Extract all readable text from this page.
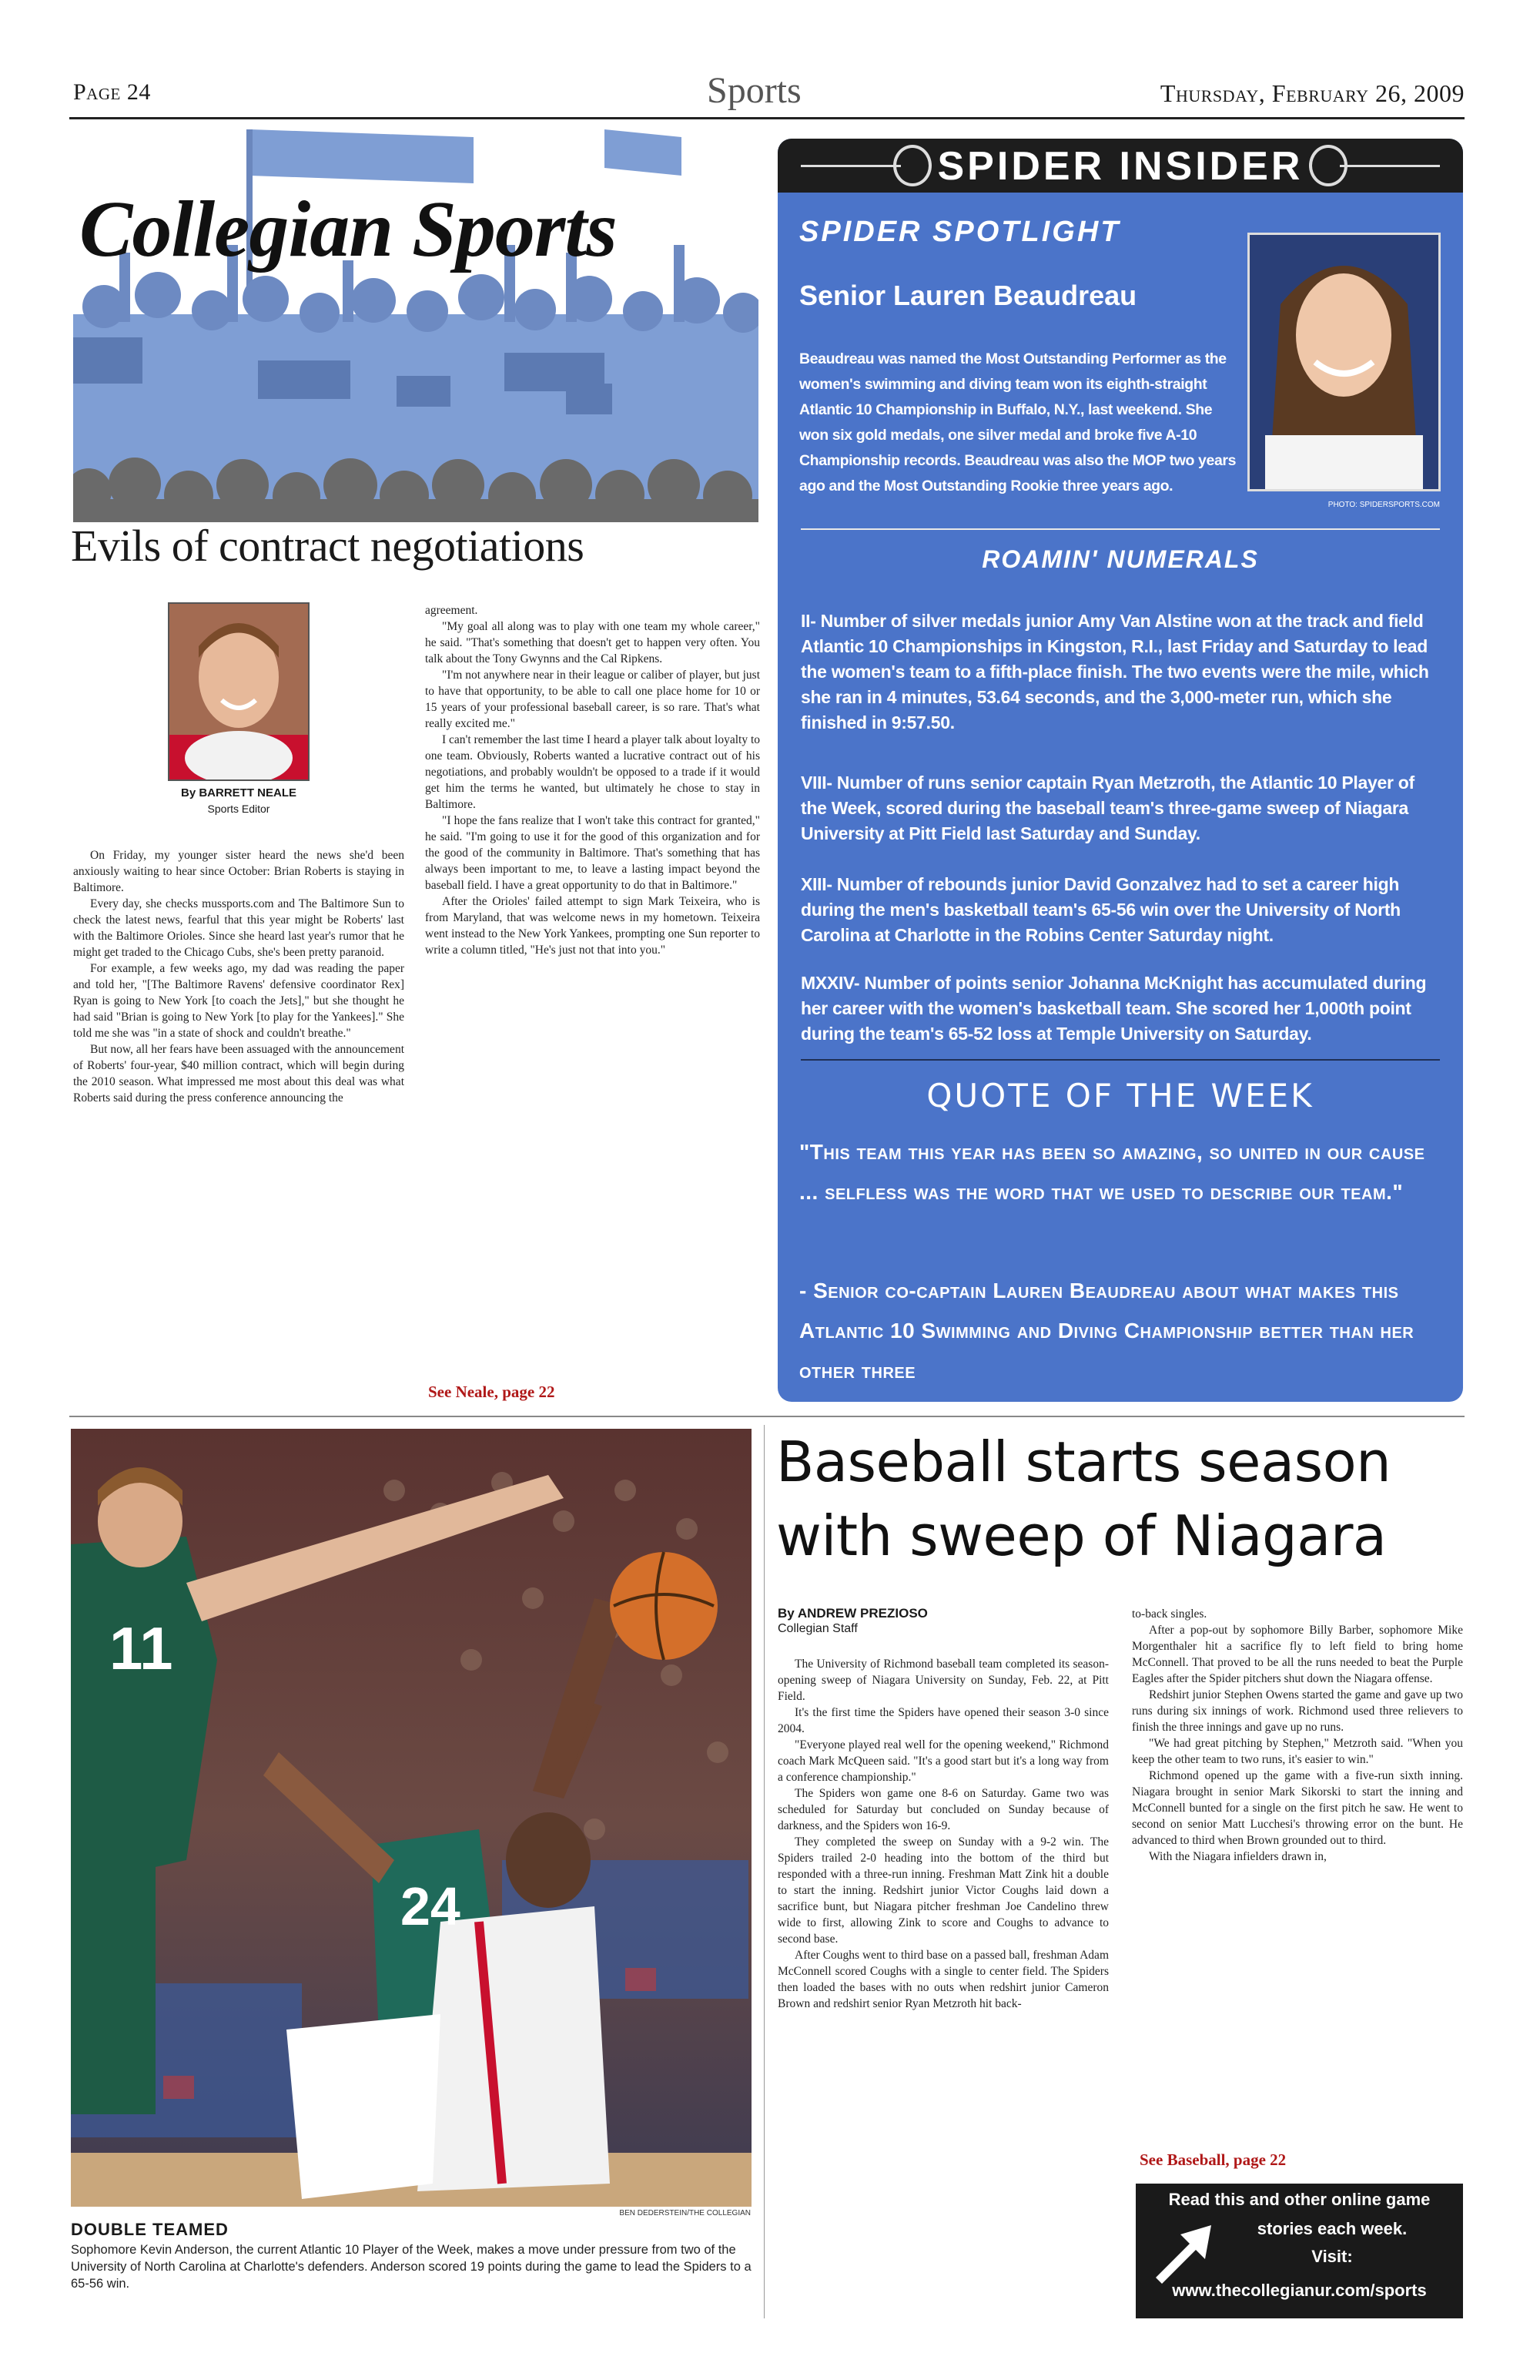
Page 24	Sports	Thursday, February 26, 2009
Collegian Sports
Evils of contract negotiations
By BARRETT NEALE
Sports Editor

On Friday, my younger sister heard the news she'd been anxiously waiting to hear since October: Brian Roberts is staying in Baltimore.

Every day, she checks mussports.com and The Baltimore Sun to check the latest news, fearful that this year might be Roberts' last with the Baltimore Orioles. Since she heard last year's rumor that he might get traded to the Chicago Cubs, she's been pretty paranoid.

For example, a few weeks ago, my dad was reading the paper and told her, "[The Baltimore Ravens' defensive coordinator Rex] Ryan is going to New York [to coach the Jets]," but she thought he had said "Brian is going to New York [to play for the Yankees]." She told me she was "in a state of shock and couldn't breathe."

But now, all her fears have been assuaged with the announcement of Roberts' four-year, $40 million contract, which will begin during the 2010 season. What impressed me most about this deal was what Roberts said during the press conference announcing the

agreement.

"My goal all along was to play with one team my whole career," he said. "That's something that doesn't get to happen very often. You talk about the Tony Gwynns and the Cal Ripkens.

"I'm not anywhere near in their league or caliber of player, but just to have that opportunity, to be able to call one place home for 10 or 15 years of your professional baseball career, is so rare. That's what really excited me."

I can't remember the last time I heard a player talk about loyalty to one team. Obviously, Roberts wanted a lucrative contract out of his negotiations, and probably wouldn't be opposed to a trade if it would get him the terms he wanted, but ultimately he chose to stay in Baltimore.

"I hope the fans realize that I won't take this contract for granted," he said. "I'm going to use it for the good of this organization and for the good of the community in Baltimore. That's something that has always been important to me, to leave a lasting impact beyond the baseball field. I have a great opportunity to do that in Baltimore."

After the Orioles' failed attempt to sign Mark Teixeira, who is from Maryland, that was welcome news in my hometown. Teixeira went instead to the New York Yankees, prompting one Sun reporter to write a column titled, "He's just not that into you."

See Neale, page 22
SPIDER INSIDER
SPIDER SPOTLIGHT
Senior Lauren Beaudreau
Beaudreau was named the Most Outstanding Performer as the women's swimming and diving team won its eighth-straight Atlantic 10 Championship in Buffalo, N.Y., last weekend. She won six gold medals, one silver medal and broke five A-10 Championship records. Beaudreau was also the MOP two years ago and the Most Outstanding Rookie three years ago.
PHOTO: SPIDERSPORTS.COM
ROAMIN' NUMERALS
II- Number of silver medals junior Amy Van Alstine won at the track and field Atlantic 10 Championships in Kingston, R.I., last Friday and Saturday to lead the women's team to a fifth-place finish. The two events were the mile, which she ran in 4 minutes, 53.64 seconds, and the 3,000-meter run, which she finished in 9:57.50.
VIII- Number of runs senior captain Ryan Metzroth, the Atlantic 10 Player of the Week, scored during the baseball team's three-game sweep of Niagara University at Pitt Field last Saturday and Sunday.
XIII- Number of rebounds junior David Gonzalvez had to set a career high during the men's basketball team's 65-56 win over the University of North Carolina at Charlotte in the Robins Center Saturday night.
MXXIV- Number of points senior Johanna McKnight has accumulated during her career with the women's basketball team. She scored her 1,000th point during the team's 65-52 loss at Temple University on Saturday.
QUOTE OF THE WEEK
"This team this year has been so amazing, so united in our cause ... selfless was the word that we used to describe our team."
- Senior co-captain Lauren Beaudreau about what makes this Atlantic 10 Swimming and Diving Championship better than her other three
11
24
BEN DEDERSTEIN/THE COLLEGIAN
DOUBLE TEAMED
Sophomore Kevin Anderson, the current Atlantic 10 Player of the Week, makes a move under pressure from two of the University of North Carolina at Charlotte's defenders. Anderson scored 19 points during the game to lead the Spiders to a 65-56 win.
Baseball starts season
with sweep of Niagara
By ANDREW PREZIOSO
Collegian Staff

The University of Richmond baseball team completed its season-opening sweep of Niagara University on Sunday, Feb. 22, at Pitt Field.

It's the first time the Spiders have opened their season 3-0 since 2004.

"Everyone played real well for the opening weekend," Richmond coach Mark McQueen said. "It's a good start but it's a long way from a conference championship."

The Spiders won game one 8-6 on Saturday. Game two was scheduled for Saturday but concluded on Sunday because of darkness, and the Spiders won 16-9.

They completed the sweep on Sunday with a 9-2 win. The Spiders trailed 2-0 heading into the bottom of the third but responded with a three-run inning. Freshman Matt Zink hit a double to start the inning. Redshirt junior Victor Coughs laid down a sacrifice bunt, but Niagara pitcher freshman Joe Candelino threw wide to first, allowing Zink to score and Coughs to advance to second base.

After Coughs went to third base on a passed ball, freshman Adam McConnell scored Coughs with a single to center field. The Spiders then loaded the bases with no outs when redshirt junior Cameron Brown and redshirt senior Ryan Metzroth hit back-

to-back singles.

After a pop-out by sophomore Billy Barber, sophomore Mike Morgenthaler hit a sacrifice fly to left field to bring home McConnell. That proved to be all the runs needed to beat the Purple Eagles after the Spider pitchers shut down the Niagara offense.

Redshirt junior Stephen Owens started the game and gave up two runs during six innings of work. Richmond used three relievers to finish the three innings and gave up no runs.

"We had great pitching by Stephen," Metzroth said. "When you keep the other team to two runs, it's easier to win."

Richmond opened up the game with a five-run sixth inning. Niagara brought in senior Mark Sikorski to start the inning and McConnell bunted for a single on the first pitch he saw. He went to second on senior Matt Lucchesi's throwing error on the bunt. He advanced to third when Brown grounded out to third.

With the Niagara infielders drawn in,

See Baseball, page 22
Read this and other online game
stories each week.
Visit:
www.thecollegianur.com/sports
